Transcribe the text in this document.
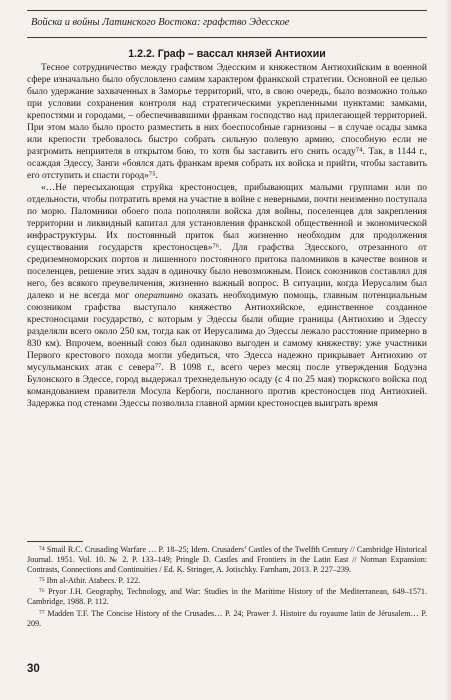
Войска и войны Латинского Востока: графство Эдесское
1.2.2. Граф – вассал князей Антиохии

Тесное сотрудничество между графством Эдесским и княжеством Антиохийским в военной сфере изначально было обусловлено самим характером франкской стратегии. Основной ее целью было удержание захваченных в Заморье территорий, что, в свою очередь, было возможно только при условии сохранения контроля над стратегическими укрепленными пунктами: замками, крепостями и городами, – обеспечивавшими франкам господство над прилегающей территорией. При этом мало было просто разместить в них боеспособные гарнизоны – в случае осады замка или крепости требовалось быстро собрать сильную полевую армию, способную если не разгромить неприятеля в открытом бою, то хотя бы заставить его снять осаду⁷⁴. Так, в 1144 г., осаждая Эдессу, Занги «боялся дать франкам время собрать их войска и прийти, чтобы заставить его отступить и спасти город»⁷⁵.

«…Не пересыхающая струйка крестоносцев, прибывающих малыми группами или по отдельности, чтобы потратить время на участие в войне с неверными, почти неизменно поступала по морю. Паломники обоего пола пополняли войска для войны, поселенцев для закрепления территории и ликвидный капитал для установления франкской общественной и экономической инфраструктуры. Их постоянный приток был жизненно необходим для продолжения существования государств крестоносцев»⁷⁶. Для графства Эдесского, отрезанного от средиземноморских портов и лишенного постоянного притока паломников в качестве воинов и поселенцев, решение этих задач в одиночку было невозможным. Поиск союзников составлял для него, без всякого преувеличения, жизненно важный вопрос. В ситуации, когда Иерусалим был далеко и не всегда мог оперативно оказать необходимую помощь, главным потенциальным союзником графства выступало княжество Антиохийское, единственное созданное крестоносцами государство, с которым у Эдессы были общие границы (Антиохию и Эдессу разделяли всего около 250 км, тогда как от Иерусалима до Эдессы лежало расстояние примерно в 830 км). Впрочем, военный союз был одинаково выгоден и самому княжеству: уже участники Первого крестового похода могли убедиться, что Эдесса надежно прикрывает Антиохию от мусульманских атак с севера⁷⁷. В 1098 г., всего через месяц после утверждения Бодуэна Булонского в Эдессе, город выдержал трехнедельную осаду (с 4 по 25 мая) тюркского войска под командованием правителя Мосула Кербоги, посланного против крестоносцев под Антиохией. Задержка под стенами Эдессы позволила главной армии крестоносцев выиграть время

⁷⁴ Smail R.C. Crusading Warfare … P. 18–25; Idem. Crusaders’ Castles of the Twelfth Century // Cambridge Historical Journal. 1951. Vol. 10. № 2. P. 133–149; Pringle D. Castles and Frontiers in the Latin East // Norman Expansion: Contrasts, Connections and Continuities / Ed. K. Stringer, A. Jotischky. Farnham, 2013. P. 227–239.

⁷⁵ Ibn al-Athir. Atabecs. P. 122.

⁷⁶ Pryor J.H. Geography, Technology, and War: Studies in the Maritime History of the Mediterranean, 649–1571. Cambridge, 1988. P. 112.

⁷⁷ Madden T.F. The Concise History of the Crusades… P. 24; Prawer J. Histoire du royaume latin de Jérusalem… P. 209.

30
